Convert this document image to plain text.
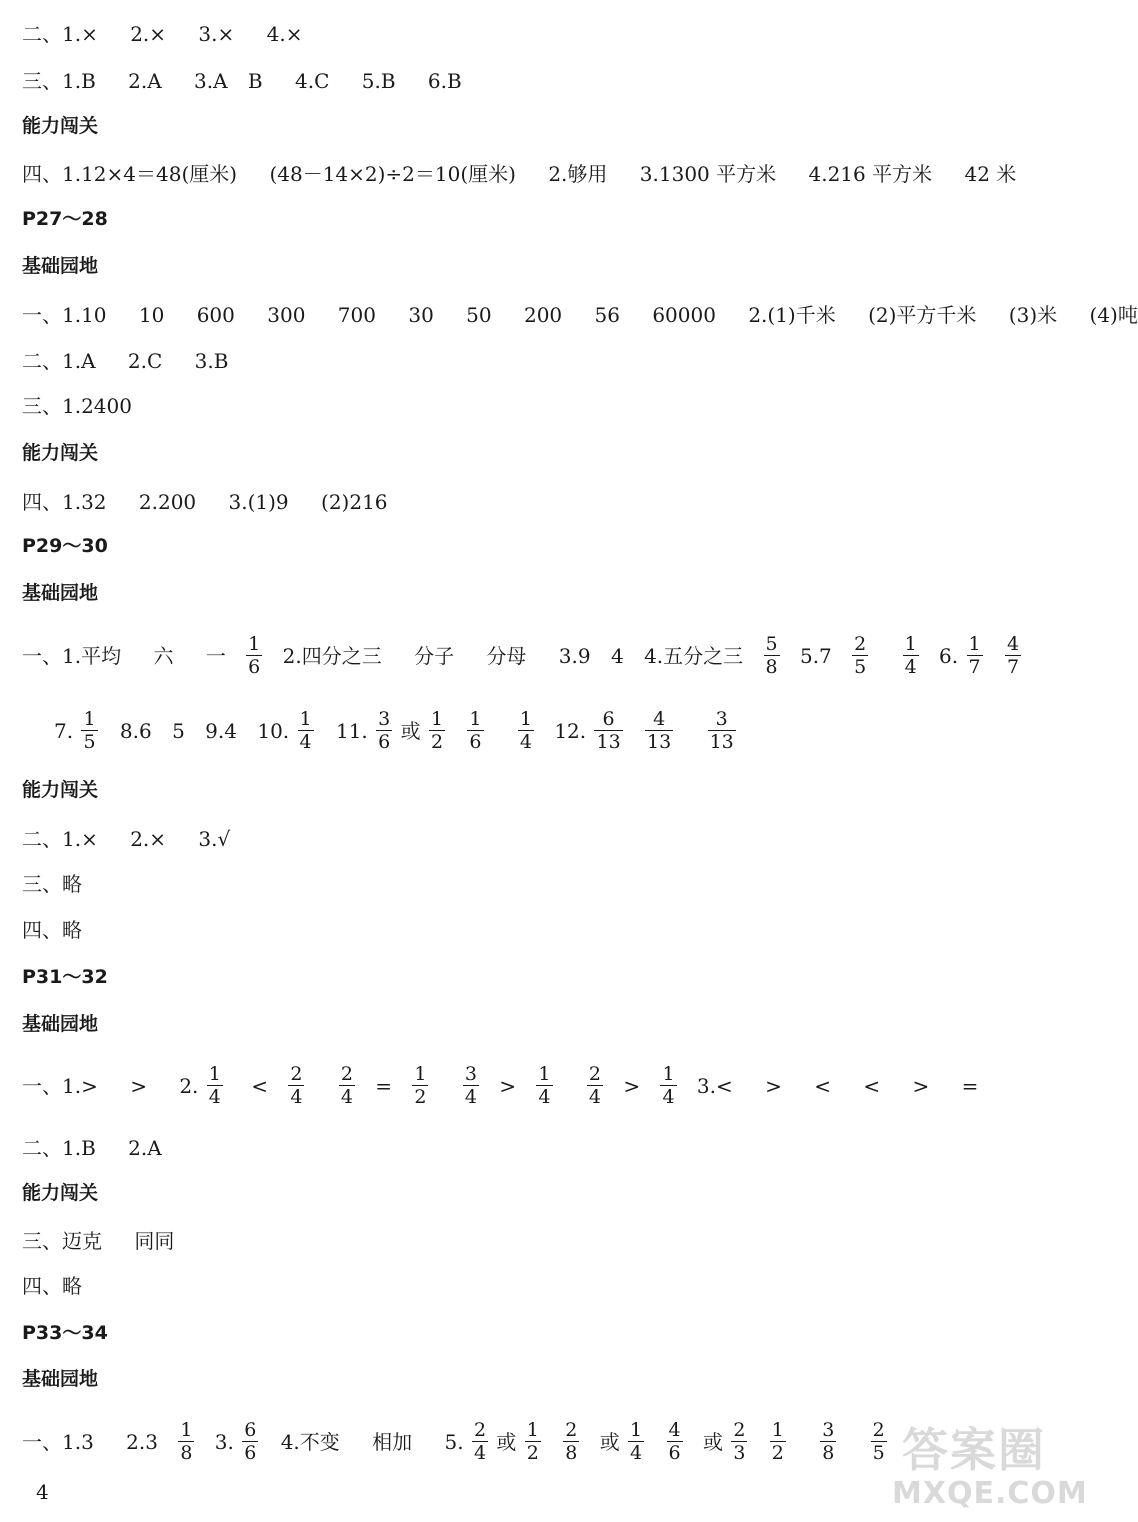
二、1.× 2.× 3.× 4.×
三、1.B 2.A 3.A B 4.C 5.B 6.B
能力闯关
四、1.12×4＝48(厘米) (48－14×2)÷2＝10(厘米) 2.够用 3.1300 平方米 4.216 平方米 42 米
P27～28
基础园地
一、1.10 10 600 300 700 30 50 200 56 60000 2.(1)千米 (2)平方千米 (3)米 (4)吨
二、1.A 2.C 3.B
三、1.2400
能力闯关
四、1.32 2.200 3.(1)9 (2)216
P29～30
基础园地
一、1.平均 六 一 $\frac{1}{6} 2$.四分之三 分子 分母 3.9 4 4.五分之三 $\frac{5}{8} 5.7 \frac{2}{5}$
$\frac{1}{4} 6$. $\frac{1}{7}$
$\frac{4}{7}$
7. $\frac{1}{5} 8.6$ 5 9.4 10. $\frac{1}{4} 11$. $\frac{3}{6}$ 或 $\frac{1}{2}$
$\frac{1}{6}$
$\frac{1}{4} 12$. $\frac{6}{13}$
$\frac{4}{13}$
$\frac{3}{13}$
能力闯关
二、1.× 2.× 3.√
三、略
四、略
P31～32
基础园地
一、1.> > 2. $\frac{1}{4} < \frac{2}{4}$
$\frac{2}{4} = \frac{1}{2}$
$\frac{3}{4} > \frac{1}{4}$
$\frac{2}{4} > \frac{1}{4} 3.<$ > < < > =
二、1.B 2.A
能力闯关
三、迈克 同同
四、略
P33～34
基础园地
一、1.3 $2.3 \frac{1}{8} 3$. $\frac{6}{6} 4$.不变 相加 5. $\frac{2}{4}$ 或 $\frac{1}{2}$
$\frac{2}{8}$ 或 $\frac{1}{4}$
$\frac{4}{6}$ 或 $\frac{2}{3}$
$\frac{1}{2}$
$\frac{3}{8}$
$\frac{2}{5}$
4
答案圈
MXQE.COM
